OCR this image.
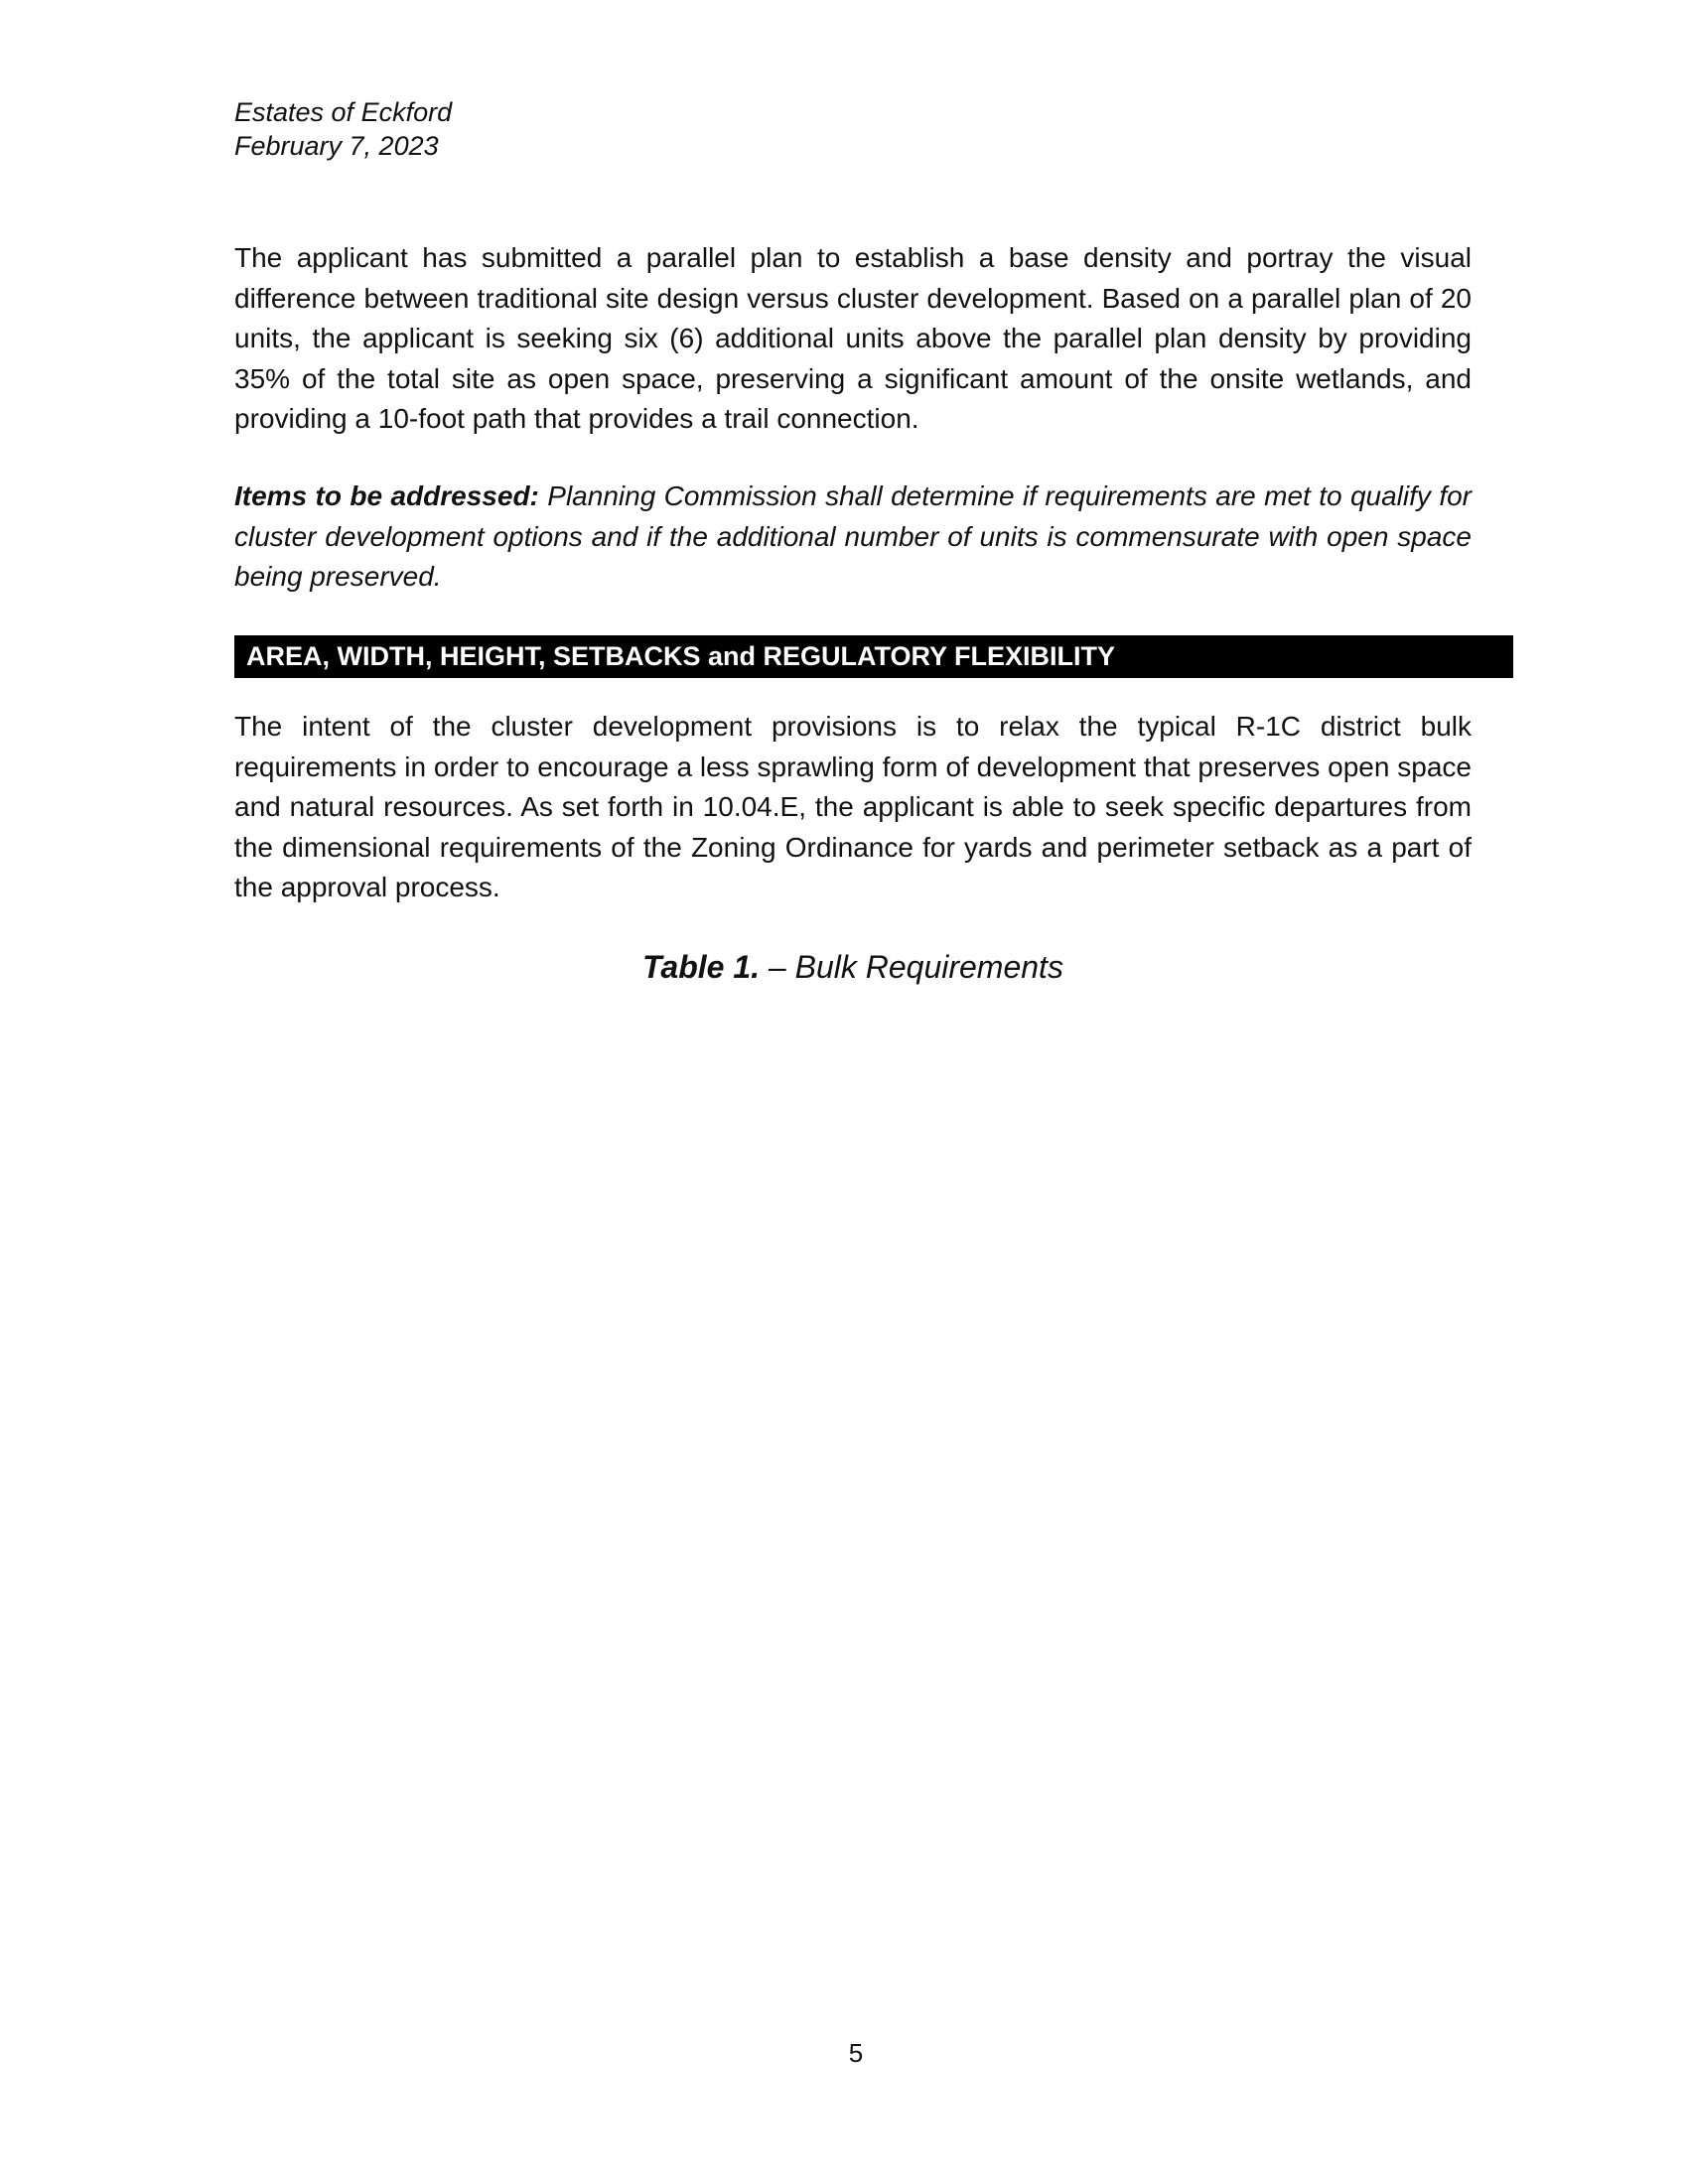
Estates of Eckford
February 7, 2023
The applicant has submitted a parallel plan to establish a base density and portray the visual difference between traditional site design versus cluster development. Based on a parallel plan of 20 units, the applicant is seeking six (6) additional units above the parallel plan density by providing 35% of the total site as open space, preserving a significant amount of the onsite wetlands, and providing a 10-foot path that provides a trail connection.
Items to be addressed: Planning Commission shall determine if requirements are met to qualify for cluster development options and if the additional number of units is commensurate with open space being preserved.
AREA, WIDTH, HEIGHT, SETBACKS and REGULATORY FLEXIBILITY
The intent of the cluster development provisions is to relax the typical R-1C district bulk requirements in order to encourage a less sprawling form of development that preserves open space and natural resources. As set forth in 10.04.E, the applicant is able to seek specific departures from the dimensional requirements of the Zoning Ordinance for yards and perimeter setback as a part of the approval process.
Table 1. – Bulk Requirements
5
